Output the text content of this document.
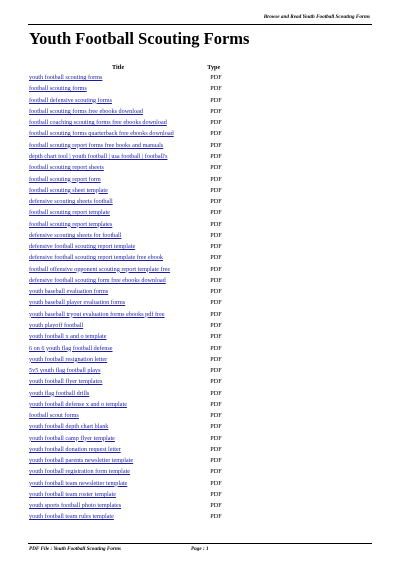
Browse and Read Youth Football Scouting Forms
Youth Football Scouting Forms
Title	Type
youth football scouting forms	PDF
football scouting forms	PDF
football defensive scouting forms	PDF
football scouting forms free ebooks download	PDF
football coaching scouting forms free ebooks download	PDF
football scouting forms quarterback free ebooks download	PDF
football scouting report forms free books and manuals	PDF
depth chart tool | youth football | usa football | football's	PDF
football scouting report sheets	PDF
football scouting report form	PDF
football scouting sheet template	PDF
defensive scouting sheets football	PDF
football scouting report template	PDF
football scouting report templates	PDF
defensive scouting sheets for football	PDF
defensive football scouting report template	PDF
defensive football scouting report template free ebook	PDF
football offensive opponent scouting report template free	PDF
defensive football scouting form free ebooks download	PDF
youth baseball evaluation forms	PDF
youth baseball player evaluation forms	PDF
youth baseball tryout evaluation forms ebooks pdf free	PDF
youth playoff football	PDF
youth football x and o template	PDF
6 on 6 youth flag football defense	PDF
youth football resignation letter	PDF
5v5 youth flag football plays	PDF
youth football flyer templates	PDF
youth flag football drills	PDF
youth football defense x and o template	PDF
football scout forms	PDF
youth football depth chart blank	PDF
youth football camp flyer template	PDF
youth football donation request letter	PDF
youth football parents newsletter template	PDF
youth football registration form template	PDF
youth football team newsletter template	PDF
youth football team roster template	PDF
youth sports football photo templates	PDF
youth football team rules template	PDF
PDF File : Youth Football Scouting Forms	Page : 1
